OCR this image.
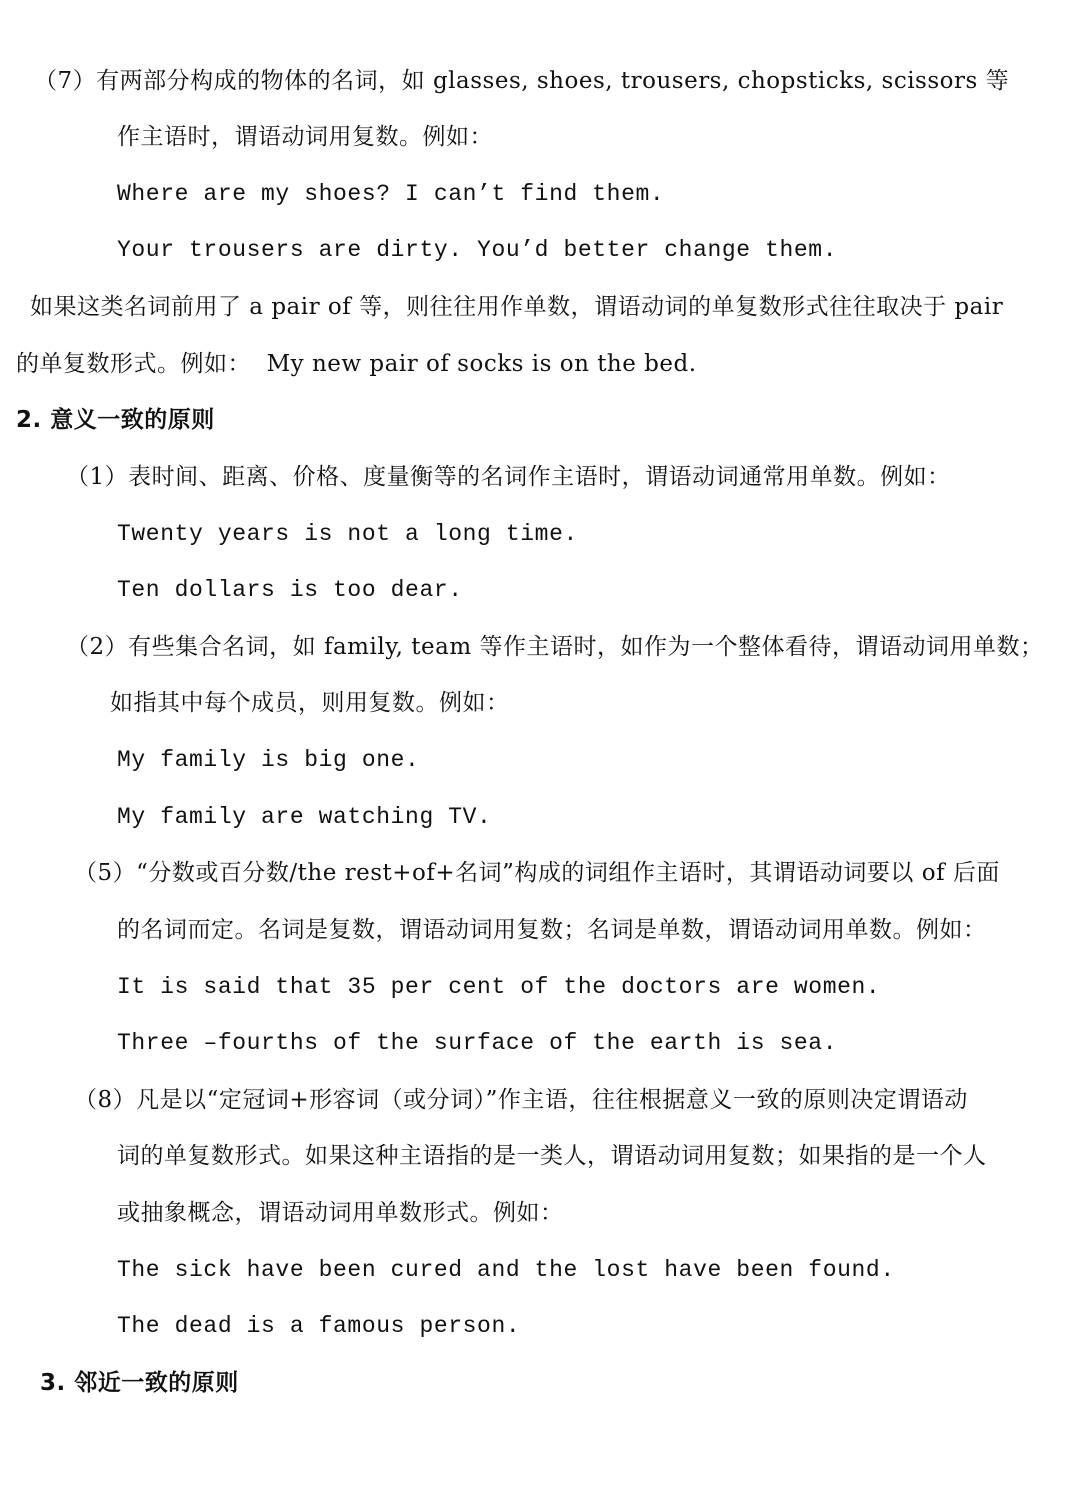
（7）有两部分构成的物体的名词，如 glasses, shoes, trousers, chopsticks, scissors 等
作主语时，谓语动词用复数。例如：
Where are my shoes? I can’t find them.
Your trousers are dirty. You’d better change them.
如果这类名词前用了 a pair of 等，则往往用作单数，谓语动词的单复数形式往往取决于 pair
的单复数形式。例如：  My new pair of socks is on the bed.
2. 意义一致的原则
（1）表时间、距离、价格、度量衡等的名词作主语时，谓语动词通常用单数。例如：
Twenty years is not a long time.
Ten dollars is too dear.
（2）有些集合名词，如 family, team 等作主语时，如作为一个整体看待，谓语动词用单数；
如指其中每个成员，则用复数。例如：
My family is big one.
My family are watching TV.
（5）“分数或百分数/the rest+of+名词”构成的词组作主语时，其谓语动词要以 of 后面
的名词而定。名词是复数，谓语动词用复数；名词是单数，谓语动词用单数。例如：
It is said that 35 per cent of the doctors are women.
Three –fourths of the surface of the earth is sea.
（8）凡是以“定冠词+形容词（或分词）”作主语，往往根据意义一致的原则决定谓语动
词的单复数形式。如果这种主语指的是一类人，谓语动词用复数；如果指的是一个人
或抽象概念，谓语动词用单数形式。例如：
The sick have been cured and the lost have been found.
The dead is a famous person.
3. 邻近一致的原则
